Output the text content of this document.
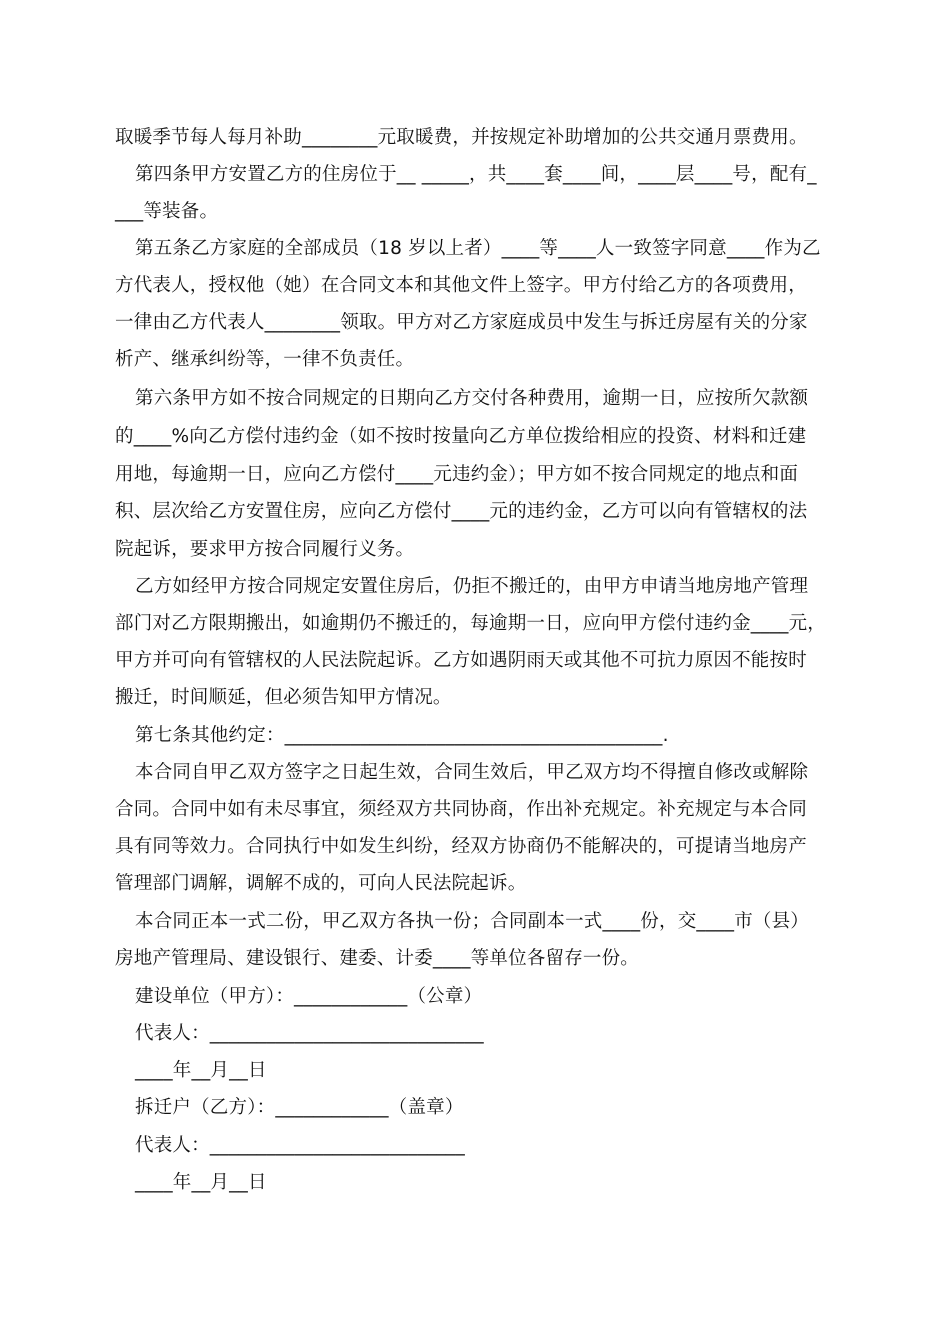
取暖季节每人每月补助________元取暖费，并按规定补助增加的公共交通月票费用。
第四条甲方安置乙方的住房位于__ _____，共____套____间，____层____号，配有_
___等装备。
第五条乙方家庭的全部成员（18 岁以上者）____等____人一致签字同意____作为乙
方代表人，授权他（她）在合同文本和其他文件上签字。甲方付给乙方的各项费用，
一律由乙方代表人________领取。甲方对乙方家庭成员中发生与拆迁房屋有关的分家
析产、继承纠纷等，一律不负责任。
第六条甲方如不按合同规定的日期向乙方交付各种费用，逾期一日，应按所欠款额
的____%向乙方偿付违约金（如不按时按量向乙方单位拨给相应的投资、材料和迁建
用地，每逾期一日，应向乙方偿付____元违约金）；甲方如不按合同规定的地点和面
积、层次给乙方安置住房，应向乙方偿付____元的违约金，乙方可以向有管辖权的法
院起诉，要求甲方按合同履行义务。
乙方如经甲方按合同规定安置住房后，仍拒不搬迁的，由甲方申请当地房地产管理
部门对乙方限期搬出，如逾期仍不搬迁的，每逾期一日，应向甲方偿付违约金____元，
甲方并可向有管辖权的人民法院起诉。乙方如遇阴雨天或其他不可抗力原因不能按时
搬迁，时间顺延，但必须告知甲方情况。
第七条其他约定：________________________________________.
本合同自甲乙双方签字之日起生效，合同生效后，甲乙双方均不得擅自修改或解除
合同。合同中如有未尽事宜，须经双方共同协商，作出补充规定。补充规定与本合同
具有同等效力。合同执行中如发生纠纷，经双方协商仍不能解决的，可提请当地房产
管理部门调解，调解不成的，可向人民法院起诉。
本合同正本一式二份，甲乙双方各执一份；合同副本一式____份，交____市（县）
房地产管理局、建设银行、建委、计委____等单位各留存一份。
建设单位（甲方）：____________（公章）
代表人：_____________________________
____年__月__日
拆迁户（乙方）：____________（盖章）
代表人：___________________________
____年__月__日
